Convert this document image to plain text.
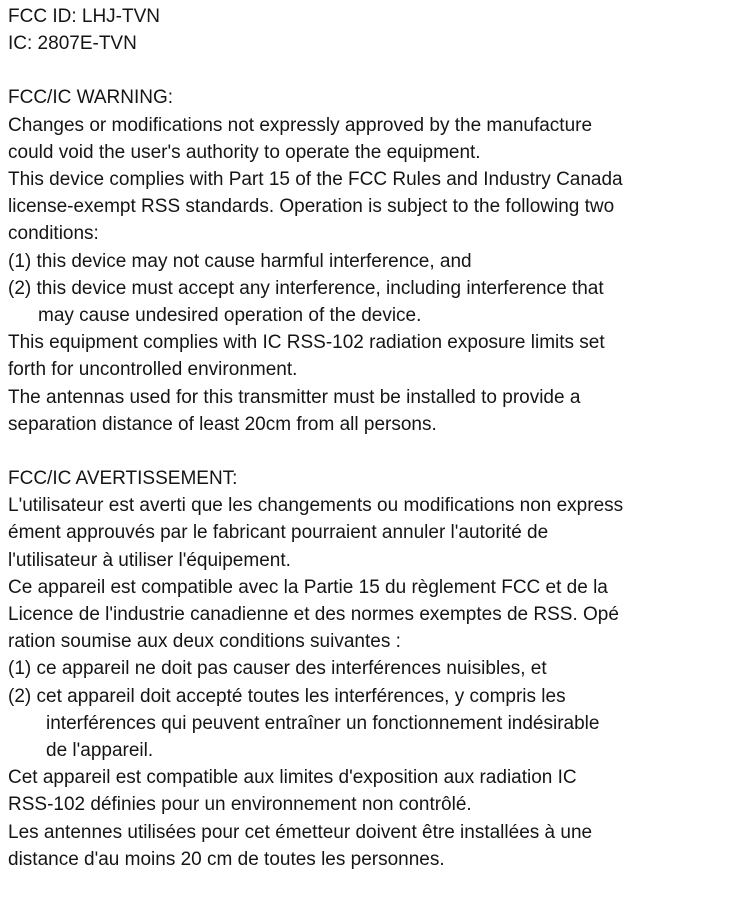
FCC ID: LHJ-TVN
IC: 2807E-TVN
FCC/IC WARNING:
Changes or modifications not expressly approved by the manufacture
could void the user's authority to operate the equipment.
This device complies with Part 15 of the FCC Rules and Industry Canada
license-exempt RSS standards. Operation is subject to the following two
conditions:
(1) this device may not cause harmful interference, and
(2) this device must accept any interference, including interference that
may cause undesired operation of the device.
This equipment complies with IC RSS-102 radiation exposure limits set
forth for uncontrolled environment.
The antennas used for this transmitter must be installed to provide a
separation distance of least 20cm from all persons.
FCC/IC AVERTISSEMENT:
L'utilisateur est averti que les changements ou modifications non express
ément approuvés par le fabricant pourraient annuler l'autorité de
l'utilisateur à utiliser l'équipement.
Ce appareil est compatible avec la Partie 15 du règlement FCC et de la
Licence de l'industrie canadienne et des normes exemptes de RSS. Opé
ration soumise aux deux conditions suivantes :
(1) ce appareil ne doit pas causer des interférences nuisibles, et
(2) cet appareil doit accepté toutes les interférences, y compris les
interférences qui peuvent entraîner un fonctionnement indésirable
de l'appareil.
Cet appareil est compatible aux limites d'exposition aux radiation IC
RSS-102 définies pour un environnement non contrôlé.
Les antennes utilisées pour cet émetteur doivent être installées à une
distance d'au moins 20 cm de toutes les personnes.
